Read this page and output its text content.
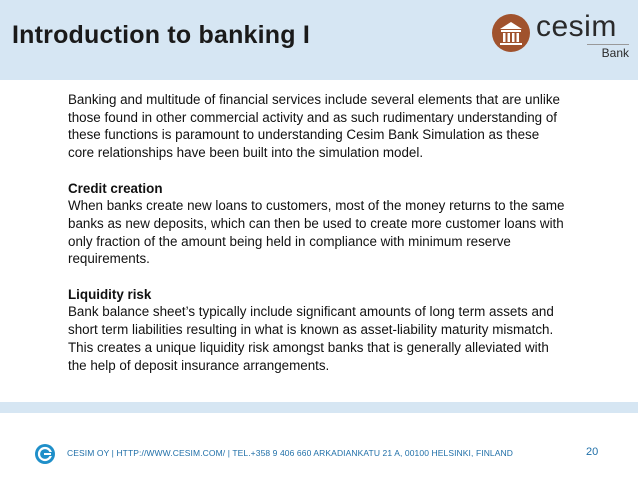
Introduction to banking I	cesim
Bank

Banking and multitude of financial services include several elements that are unlike those found in other commercial activity and as such rudimentary understanding of these functions is paramount to understanding Cesim Bank Simulation as these core relationships have been built into the simulation model.

Credit creation
When banks create new loans to customers, most of the money returns to the same banks as new deposits, which can then be used to create more customer loans with only fraction of the amount being held in compliance with minimum reserve requirements.

Liquidity risk
Bank balance sheet’s typically include significant amounts of long term assets and short term liabilities resulting in what is known as asset-liability maturity mismatch. This creates a unique liquidity risk amongst banks that is generally alleviated with the help of deposit insurance arrangements.

CESIM OY | HTTP://WWW.CESIM.COM/ | TEL.+358 9 406 660 ARKADIANKATU 21 A, 00100 HELSINKI, FINLAND	20
